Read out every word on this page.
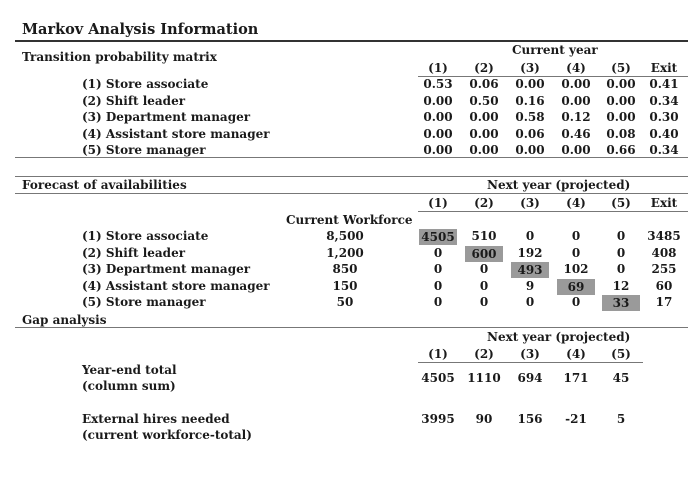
Markov Analysis Information
Transition probability matrix	Current year
(1)	(2)	(3)	(4)	(5)	Exit
(1) Store associate	0.53	0.06	0.00	0.00	0.00	0.41
(2) Shift leader	0.00	0.50	0.16	0.00	0.00	0.34
(3) Department manager	0.00	0.00	0.58	0.12	0.00	0.30
(4) Assistant store manager	0.00	0.00	0.06	0.46	0.08	0.40
(5) Store manager	0.00	0.00	0.00	0.00	0.66	0.34
Forecast of availabilities	Next year (projected)
(1)	(2)	(3)	(4)	(5)	Exit
Current Workforce
(1) Store associate	8,500	4505	510	0	0	0	3485
(2) Shift leader	1,200	0	600	192	0	0	408
(3) Department manager	850	0	0	493	102	0	255
(4) Assistant store manager	150	0	0	9	69	12	60
(5) Store manager	50	0	0	0	0	33	17
Gap analysis
Next year (projected)
(1)	(2)	(3)	(4)	(5)
Year-end total
(column sum)
4505 1110	694	171	45
External hires needed
(current workforce-total)
3995	90	156	-21	5
